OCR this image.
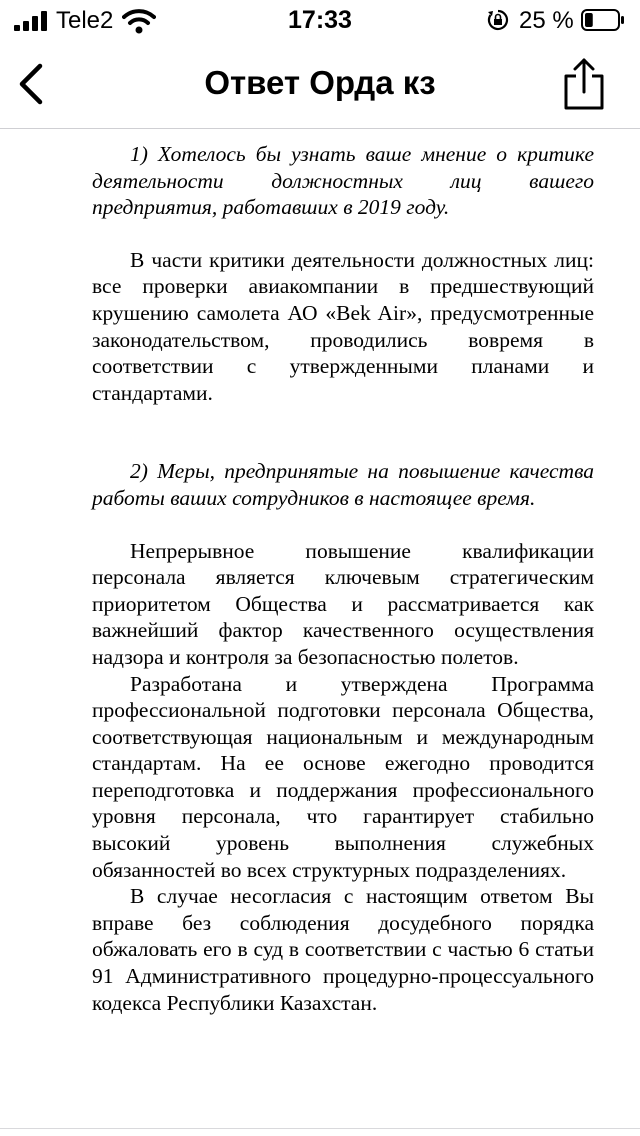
Tele2	17:33	25 %
Ответ Орда кз

1) Хотелось бы узнать ваше мнение о критике деятельности должностных лиц вашего предприятия, работавших в 2019 году.

В части критики деятельности должностных лиц: все проверки авиакомпании в предшествующий крушению самолета АО «Bek Air», предусмотренные законодательством, проводились вовремя в соответствии с утвержденными планами и стандартами.

2) Меры, предпринятые на повышение качества работы ваших сотрудников в настоящее время.

Непрерывное повышение квалификации персонала является ключевым стратегическим приоритетом Общества и рассматривается как важнейший фактор качественного осуществления надзора и контроля за безопасностью полетов.

Разработана и утверждена Программа профессиональной подготовки персонала Общества, соответствующая национальным и международным стандартам. На ее основе ежегодно проводится переподготовка и поддержания профессионального уровня персонала, что гарантирует стабильно высокий уровень выполнения служебных обязанностей во всех структурных подразделениях.

В случае несогласия с настоящим ответом Вы вправе без соблюдения досудебного порядка обжаловать его в суд в соответствии с частью 6 статьи 91 Административного процедурно-процессуального кодекса Республики Казахстан.
